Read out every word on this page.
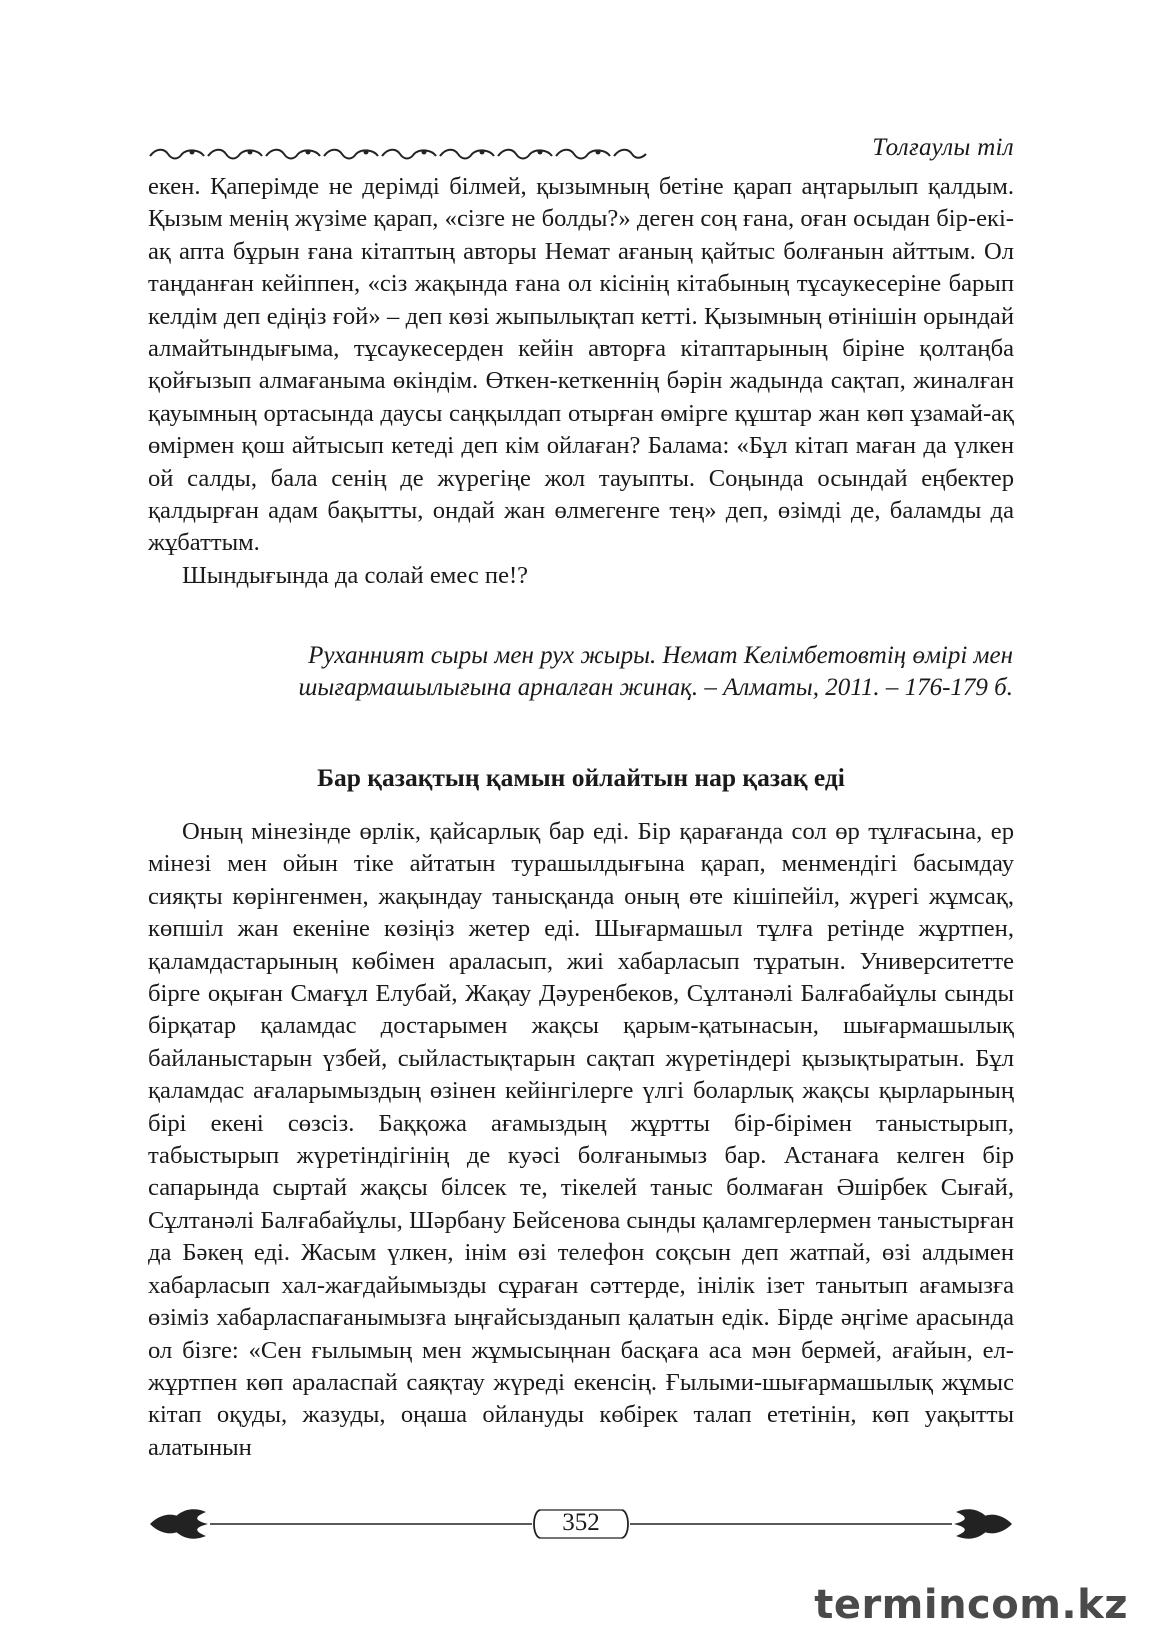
Толғаулы тіл

екен. Қаперімде не дерімді білмей, қызымның бетіне қарап аңтарылып қалдым. Қызым менің жүзіме қарап, «сізге не болды?» деген соң ғана, оған осыдан бір-екі-ақ апта бұрын ғана кітаптың авторы Немат ағаның қайтыс болғанын айттым. Ол таңданған кейіппен, «сіз жақында ғана ол кісінің кітабының тұсаукесеріне барып келдім деп едіңіз ғой» – деп көзі жыпылықтап кетті. Қызымның өтінішін орындай алмайтындығыма, тұсаукесерден кейін авторға кітаптарының біріне қолтаңба қойғызып алмағаныма өкіндім. Өткен-кеткеннің бәрін жадында сақтап, жиналған қауымның ортасында даусы саңқылдап отырған өмірге құштар жан көп ұзамай-ақ өмірмен қош айтысып кетеді деп кім ойлаған? Балама: «Бұл кітап маған да үлкен ой салды, бала сенің де жүрегіңе жол тауыпты. Соңында осындай еңбектер қалдырған адам бақытты, ондай жан өлмегенге тең» деп, өзімді де, баламды да жұбаттым.

Шындығында да солай емес пе!?

Руханният сыры мен рух жыры. Немат Келімбетовтің өмірі мен
шығармашылығына арналған жинақ. – Алматы, 2011. – 176-179 б.
Бар қазақтың қамын ойлайтын нар қазақ еді

Оның мінезінде өрлік, қайсарлық бар еді. Бір қарағанда сол өр тұлғасына, ер мінезі мен ойын тіке айтатын турашылдығына қарап, менмендігі басымдау сияқты көрінгенмен, жақындау танысқанда оның өте кішіпейіл, жүрегі жұмсақ, көпшіл жан екеніне көзіңіз жетер еді. Шығармашыл тұлға ретінде жұртпен, қаламдастарының көбімен араласып, жиі хабарласып тұратын. Университетте бірге оқыған Смағұл Елубай, Жақау Дәуренбеков, Сұлтанәлі Балғабайұлы сынды бірқатар қаламдас достарымен жақсы қарым-қатынасын, шығармашылық байланыстарын үзбей, сыйластықтарын сақтап жүретіндері қызықтыратын. Бұл қаламдас ағаларымыздың өзінен кейінгілерге үлгі боларлық жақсы қырларының бірі екені сөзсіз. Баққожа ағамыздың жұртты бір-бірімен таныстырып, табыстырып жүретіндігінің де куәсі болғанымыз бар. Астанаға келген бір сапарында сыртай жақсы білсек те, тікелей таныс болмаған Әшірбек Сығай, Сұлтанәлі Балғабайұлы, Шәрбану Бейсенова сынды қаламгерлермен таныстырған да Бәкең еді. Жасым үлкен, інім өзі телефон соқсын деп жатпай, өзі алдымен хабарласып хал-жағдайымызды сұраған сәттерде, інілік ізет танытып ағамызға өзіміз хабарласпағанымызға ыңғайсызданып қалатын едік. Бірде әңгіме арасында ол бізге: «Сен ғылымың мен жұмысыңнан басқаға аса мән бермей, ағайын, ел-жұртпен көп араласпай саяқтау жүреді екенсің. Ғылыми-шығармашылық жұмыс кітап оқуды, жазуды, оңаша ойлануды көбірек талап ететінін, көп уақытты алатынын

352
termincom.kz
